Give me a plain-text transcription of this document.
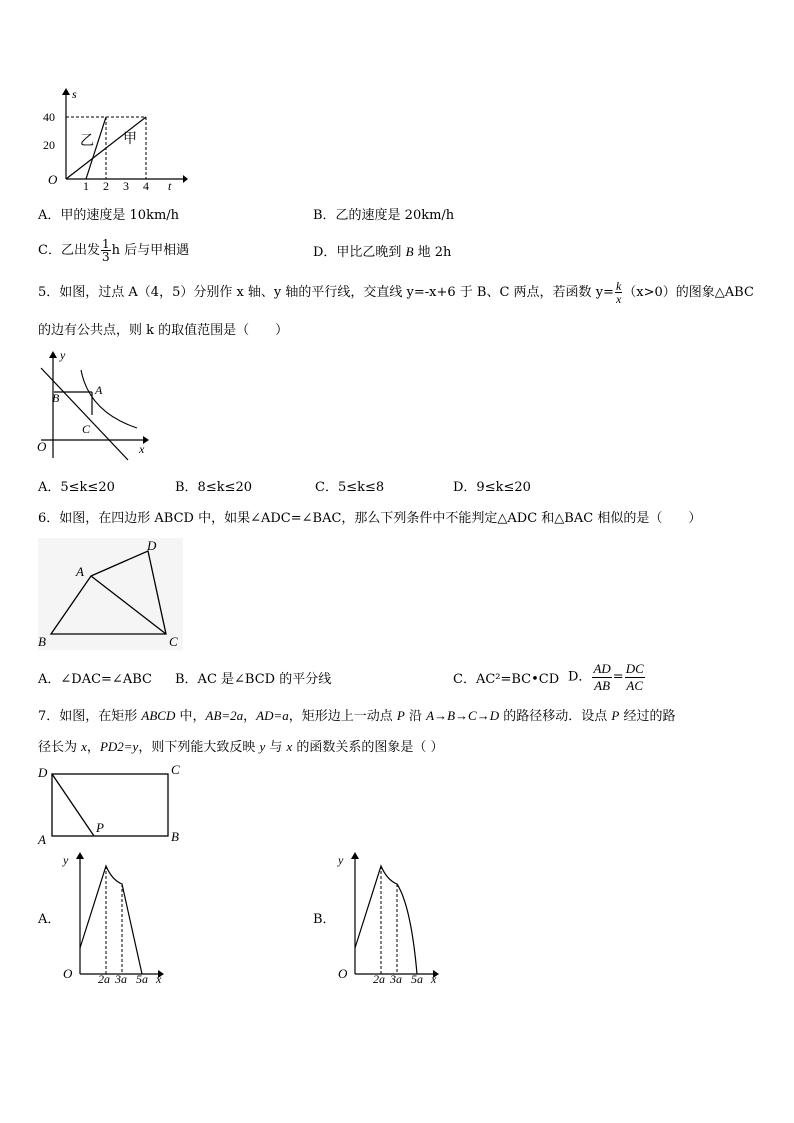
s
t
O
40
20
1 2 3 4
乙 甲
A．甲的速度是 10km/h	B．乙的速度是 20km/h
C．乙出发 $\frac{1}{3}$ h 后与甲相遇	D．甲比乙晚到 B 地 2h
5．如图，过点 A（4，5）分别作 x 轴、y 轴的平行线，交直线 y=-x+6 于 B、C 两点，若函数 $y= \frac{k}{x} (x>0)$的图象△ABC
的边有公共点，则 k 的取值范围是（　　）
y
x
O
A
B
C
A．5≤k≤20	B．8≤k≤20	C．5≤k≤8	D．9≤k≤20
6．如图，在四边形 ABCD 中，如果∠ADC=∠BAC，那么下列条件中不能判定△ADC 和△BAC 相似的是（　　）
A
B	C
D
A．∠DAC=∠ABC B．AC 是∠BCD 的平分线	C．AC²=BC•CD D． $\frac{AD}{AB} = \frac{DC}{AC}$
7．如图，在矩形 ABCD 中，AB=2a，AD=a，矩形边上一动点 P 沿 A→B→C→D 的路径移动．设点 P 经过的路
径长为 x，PD2=y，则下列能大致反映 y 与 x 的函数关系的图象是（ ）
D	C
A	B
P
A．	B．
y
O 2a 3a 5a x
y
O 2a 3a 5a x
